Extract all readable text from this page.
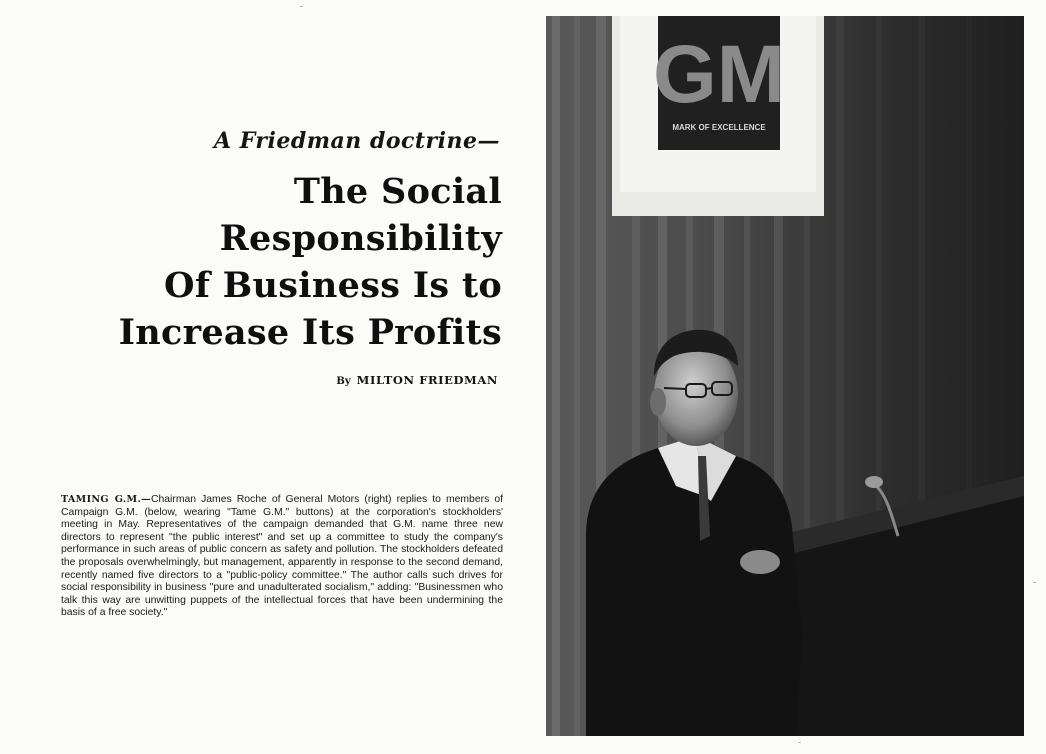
A Friedman doctrine—
The Social
Responsibility
Of Business Is to
Increase Its Profits
By MILTON FRIEDMAN
TAMING G.M.—Chairman James Roche of General Motors (right) replies to members of Campaign G.M. (below, wearing "Tame G.M." buttons) at the corporation's stockholders' meeting in May. Representatives of the campaign demanded that G.M. name three new directors to represent "the public interest" and set up a committee to study the company's performance in such areas of public concern as safety and pollution. The stockholders defeated the proposals overwhelmingly, but management, apparently in response to the second demand, recently named five directors to a "public-policy committee." The author calls such drives for social responsibility in business "pure and unadulterated socialism," adding: "Businessmen who talk this way are unwitting puppets of the intellectual forces that have been undermining the basis of a free society."
GM
MARK OF EXCELLENCE
